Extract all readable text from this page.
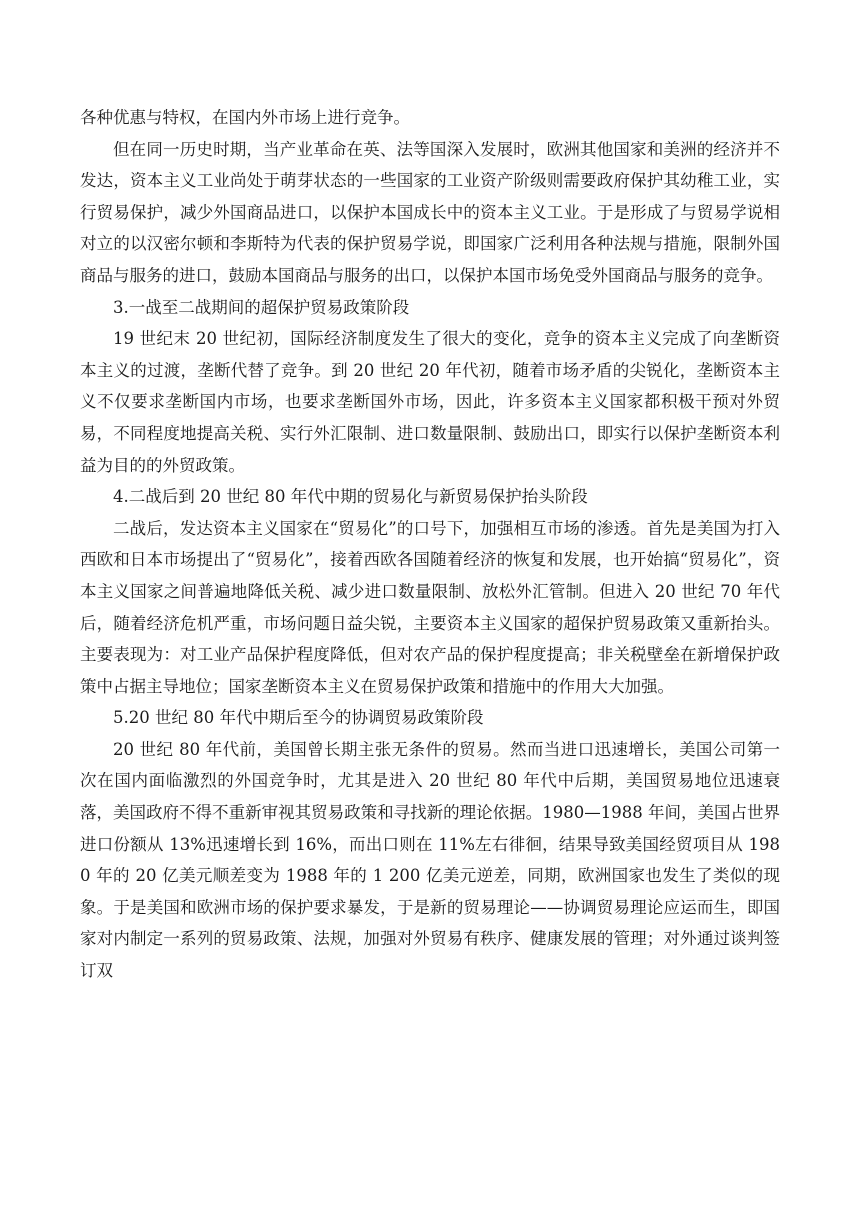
各种优惠与特权，在国内外市场上进行竞争。

但在同一历史时期，当产业革命在英、法等国深入发展时，欧洲其他国家和美洲的经济并不发达，资本主义工业尚处于萌芽状态的一些国家的工业资产阶级则需要政府保护其幼稚工业，实行贸易保护，减少外国商品进口，以保护本国成长中的资本主义工业。于是形成了与贸易学说相对立的以汉密尔顿和李斯特为代表的保护贸易学说，即国家广泛利用各种法规与措施，限制外国商品与服务的进口，鼓励本国商品与服务的出口，以保护本国市场免受外国商品与服务的竞争。

3.一战至二战期间的超保护贸易政策阶段

19 世纪末 20 世纪初，国际经济制度发生了很大的变化，竞争的资本主义完成了向垄断资本主义的过渡，垄断代替了竞争。到 20 世纪 20 年代初，随着市场矛盾的尖锐化，垄断资本主义不仅要求垄断国内市场，也要求垄断国外市场，因此，许多资本主义国家都积极干预对外贸易，不同程度地提高关税、实行外汇限制、进口数量限制、鼓励出口，即实行以保护垄断资本利益为目的的外贸政策。

4.二战后到 20 世纪 80 年代中期的贸易化与新贸易保护抬头阶段

二战后，发达资本主义国家在“贸易化”的口号下，加强相互市场的渗透。首先是美国为打入西欧和日本市场提出了“贸易化”，接着西欧各国随着经济的恢复和发展，也开始搞“贸易化”，资本主义国家之间普遍地降低关税、减少进口数量限制、放松外汇管制。但进入 20 世纪 70 年代后，随着经济危机严重，市场问题日益尖锐，主要资本主义国家的超保护贸易政策又重新抬头。主要表现为：对工业产品保护程度降低，但对农产品的保护程度提高；非关税壁垒在新增保护政策中占据主导地位；国家垄断资本主义在贸易保护政策和措施中的作用大大加强。

5.20 世纪 80 年代中期后至今的协调贸易政策阶段

20 世纪 80 年代前，美国曾长期主张无条件的贸易。然而当进口迅速增长，美国公司第一次在国内面临激烈的外国竞争时，尤其是进入 20 世纪 80 年代中后期，美国贸易地位迅速衰落，美国政府不得不重新审视其贸易政策和寻找新的理论依据。1980—1988 年间，美国占世界进口份额从 13%迅速增长到 16%，而出口则在 11%左右徘徊，结果导致美国经贸项目从 1980 年的 20 亿美元顺差变为 1988 年的 1 200 亿美元逆差，同期，欧洲国家也发生了类似的现象。于是美国和欧洲市场的保护要求暴发，于是新的贸易理论——协调贸易理论应运而生，即国家对内制定一系列的贸易政策、法规，加强对外贸易有秩序、健康发展的管理；对外通过谈判签订双
